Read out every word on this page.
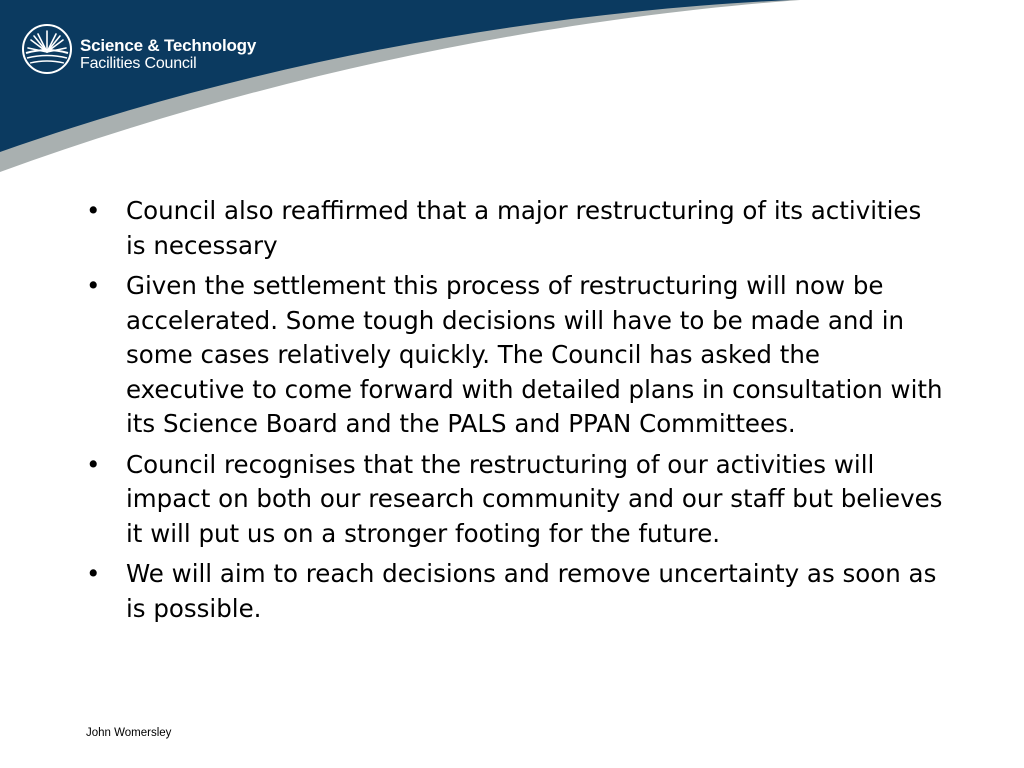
Science & Technology
Facilities Council
• Council also reaffirmed that a major restructuring of its activities is necessary
• Given the settlement this process of restructuring will now be accelerated. Some tough decisions will have to be made and in some cases relatively quickly. The Council has asked the executive to come forward with detailed plans in consultation with its Science Board and the PALS and PPAN Committees.
• Council recognises that the restructuring of our activities will impact on both our research community and our staff but believes it will put us on a stronger footing for the future.
• We will aim to reach decisions and remove uncertainty as soon as is possible.
John Womersley
